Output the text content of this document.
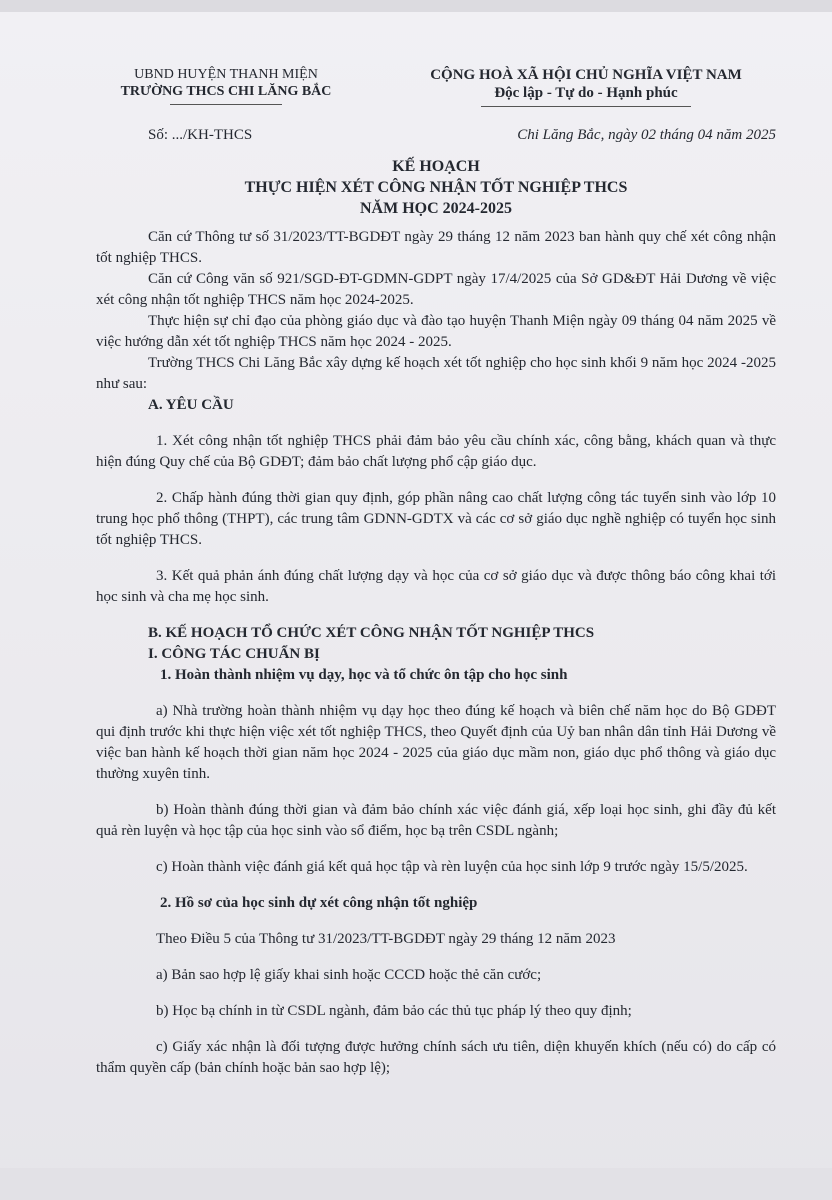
UBND HUYỆN THANH MIỆN
TRƯỜNG THCS CHI LĂNG BẮC
CỘNG HOÀ XÃ HỘI CHỦ NGHĨA VIỆT NAM
Độc lập - Tự do - Hạnh phúc
Số: .../KH-THCS	Chi Lăng Bắc, ngày 02 tháng 04 năm 2025
KẾ HOẠCH
THỰC HIỆN XÉT CÔNG NHẬN TỐT NGHIỆP THCS
NĂM HỌC 2024-2025

Căn cứ Thông tư số 31/2023/TT-BGDĐT ngày 29 tháng 12 năm 2023 ban hành quy chế xét công nhận tốt nghiệp THCS.

Căn cứ Công văn số 921/SGD-ĐT-GDMN-GDPT ngày 17/4/2025 của Sở GD&ĐT Hải Dương về việc xét công nhận tốt nghiệp THCS năm học 2024-2025.

Thực hiện sự chỉ đạo của phòng giáo dục và đào tạo huyện Thanh Miện ngày 09 tháng 04 năm 2025 về việc hướng dẫn xét tốt nghiệp THCS năm học 2024 - 2025.

Trường THCS Chi Lăng Bắc xây dựng kế hoạch xét tốt nghiệp cho học sinh khối 9 năm học 2024 -2025 như sau:

A. YÊU CẦU

1. Xét công nhận tốt nghiệp THCS phải đảm bảo yêu cầu chính xác, công bằng, khách quan và thực hiện đúng Quy chế của Bộ GDĐT; đảm bảo chất lượng phổ cập giáo dục.

2. Chấp hành đúng thời gian quy định, góp phần nâng cao chất lượng công tác tuyển sinh vào lớp 10 trung học phổ thông (THPT), các trung tâm GDNN-GDTX và các cơ sở giáo dục nghề nghiệp có tuyển học sinh tốt nghiệp THCS.

3. Kết quả phản ánh đúng chất lượng dạy và học của cơ sở giáo dục và được thông báo công khai tới học sinh và cha mẹ học sinh.

B. KẾ HOẠCH TỔ CHỨC XÉT CÔNG NHẬN TỐT NGHIỆP THCS
I. CÔNG TÁC CHUẨN BỊ
1. Hoàn thành nhiệm vụ dạy, học và tổ chức ôn tập cho học sinh

a) Nhà trường hoàn thành nhiệm vụ dạy học theo đúng kế hoạch và biên chế năm học do Bộ GDĐT qui định trước khi thực hiện việc xét tốt nghiệp THCS, theo Quyết định của Uỷ ban nhân dân tỉnh Hải Dương về việc ban hành kế hoạch thời gian năm học 2024 - 2025 của giáo dục mầm non, giáo dục phổ thông và giáo dục thường xuyên tỉnh.

b) Hoàn thành đúng thời gian và đảm bảo chính xác việc đánh giá, xếp loại học sinh, ghi đầy đủ kết quả rèn luyện và học tập của học sinh vào sổ điểm, học bạ trên CSDL ngành;

c) Hoàn thành việc đánh giá kết quả học tập và rèn luyện của học sinh lớp 9 trước ngày 15/5/2025.

2. Hồ sơ của học sinh dự xét công nhận tốt nghiệp

Theo Điều 5 của Thông tư 31/2023/TT-BGDĐT ngày 29 tháng 12 năm 2023

a) Bản sao hợp lệ giấy khai sinh hoặc CCCD hoặc thẻ căn cước;

b) Học bạ chính in từ CSDL ngành, đảm bảo các thủ tục pháp lý theo quy định;

c) Giấy xác nhận là đối tượng được hưởng chính sách ưu tiên, diện khuyến khích (nếu có) do cấp có thẩm quyền cấp (bản chính hoặc bản sao hợp lệ);
